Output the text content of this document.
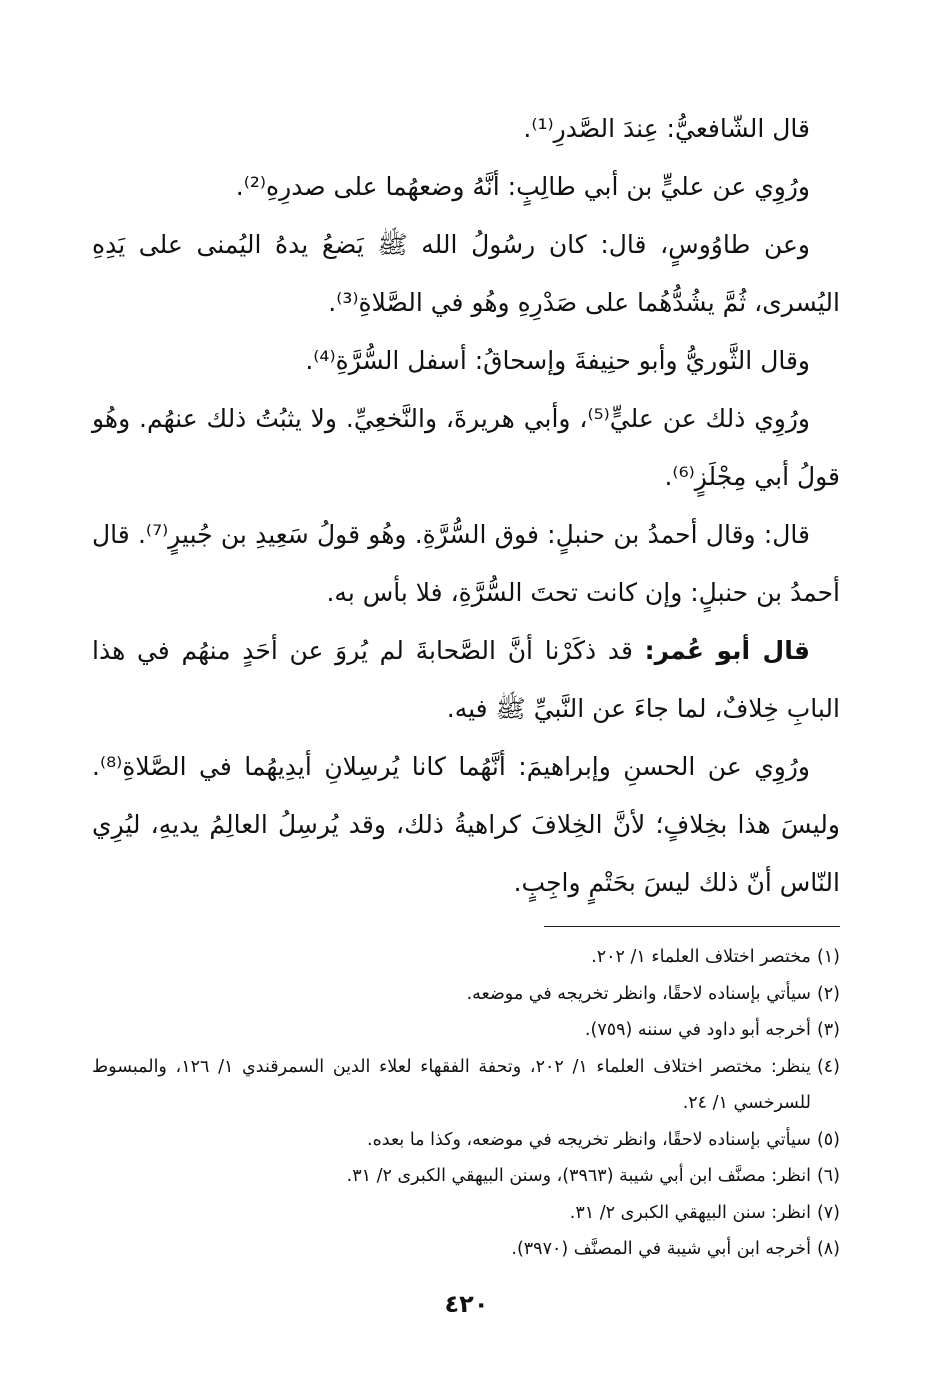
قال الشّافعيُّ: عِندَ الصَّدرِ⁽¹⁾.

ورُوِي عن عليٍّ بن أبي طالِبٍ: أنَّهُ وضعهُما على صدرِهِ⁽²⁾.

وعن طاوُوسٍ، قال: كان رسُولُ الله ﷺ يَضعُ يدهُ اليُمنى على يَدِهِ اليُسرى، ثُمَّ يشُدُّهُما على صَدْرِهِ وهُو في الصَّلاةِ⁽³⁾.

وقال الثَّوريُّ وأبو حنِيفةَ وإسحاقُ: أسفل السُّرَّةِ⁽⁴⁾.

ورُوِي ذلك عن عليٍّ⁽⁵⁾، وأبي هريرةَ، والنَّخعِيِّ. ولا يثبُتُ ذلك عنهُم. وهُو قولُ أبي مِجْلَزٍ⁽⁶⁾.

قال: وقال أحمدُ بن حنبلٍ: فوق السُّرَّةِ. وهُو قولُ سَعِيدِ بن جُبيرٍ⁽⁷⁾. قال أحمدُ بن حنبلٍ: وإن كانت تحتَ السُّرَّةِ، فلا بأس به.

قال أبو عُمر: قد ذكَرْنا أنَّ الصَّحابةَ لم يُروَ عن أحَدٍ منهُم في هذا البابِ خِلافٌ، لما جاءَ عن النَّبيِّ ﷺ فيه.

ورُوِي عن الحسنِ وإبراهيمَ: أنَّهُما كانا يُرسِلانِ أيدِيهُما في الصَّلاةِ⁽⁸⁾. وليسَ هذا بخِلافٍ؛ لأنَّ الخِلافَ كراهيةُ ذلك، وقد يُرسِلُ العالِمُ يديهِ، ليُرِي النّاس أنّ ذلك ليسَ بحَتْمٍ واجِبٍ.

(١)
مختصر اختلاف العلماء ١/ ٢٠٢.
(٢)
سيأتي بإسناده لاحقًا، وانظر تخريجه في موضعه.
(٣)
أخرجه أبو داود في سننه (٧٥٩).
(٤)
ينظر: مختصر اختلاف العلماء ١/ ٢٠٢، وتحفة الفقهاء لعلاء الدين السمرقندي ١/ ١٢٦، والمبسوط للسرخسي ١/ ٢٤.
(٥)
سيأتي بإسناده لاحقًا، وانظر تخريجه في موضعه، وكذا ما بعده.
(٦)
انظر: مصنَّف ابن أبي شيبة (٣٩٦٣)، وسنن البيهقي الكبرى ٢/ ٣١.
(٧)
انظر: سنن البيهقي الكبرى ٢/ ٣١.
(٨)
أخرجه ابن أبي شيبة في المصنَّف (٣٩٧٠).
٤٢٠
